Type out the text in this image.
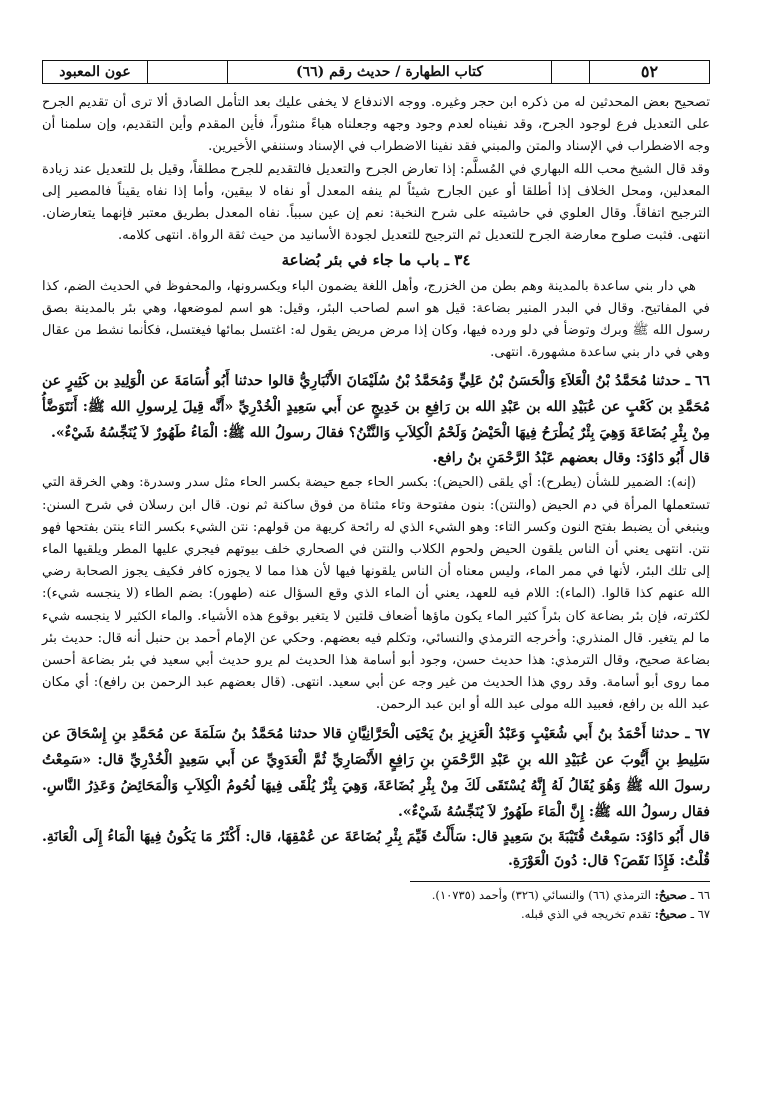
٥٢
كتاب الطهارة / حديث رقم (٦٦)
عون المعبود

تصحيح بعض المحدثين له من ذكره ابن حجر وغيره. ووجه الاندفاع لا يخفى عليك بعد التأمل الصادق ألا ترى أن تقديم الجرح على التعديل فرع لوجود الجرح، وقد نفيناه لعدم وجود وجهه وجعلناه هباءً منثوراً، فأين المقدم وأين التقديم، وإن سلمنا أن وجه الاضطراب في الإسناد والمتن والمبني فقد نفينا الاضطراب في الإسناد وسننفي الأخيرين.

وقد قال الشيخ محب الله البهاري في المُسلَّم: إذا تعارض الجرح والتعديل فالتقديم للجرح مطلقاً، وقيل بل للتعديل عند زيادة المعدلين، ومحل الخلاف إذا أطلقا أو عين الجارح شيئاً لم ينفه المعدل أو نفاه لا بيقين، وأما إذا نفاه يقيناً فالمصير إلى الترجيح اتفاقاً. وقال العلوي في حاشيته على شرح النخبة: نعم إن عين سبباً. نفاه المعدل بطريق معتبر فإنهما يتعارضان. انتهى. فثبت صلوح معارضة الجرح للتعديل ثم الترجيح للتعديل لجودة الأسانيد من حيث ثقة الرواة. انتهى كلامه.

٣٤ ـ باب ما جاء في بئر بُضاعة

هي دار بني ساعدة بالمدينة وهم بطن من الخزرج، وأهل اللغة يضمون الباء ويكسرونها، والمحفوظ في الحديث الضم، كذا في المفاتيح. وقال في البدر المنير بضاعة: قيل هو اسم لصاحب البئر، وقيل: هو اسم لموضعها، وهي بئر بالمدينة بصق رسول الله ﷺ وبرك وتوضأ في دلو ورده فيها، وكان إذا مرض مريض يقول له: اغتسل بمائها فيغتسل، فكأنما نشط من عقال وهي في دار بني ساعدة مشهورة. انتهى.

٦٦ ـ حدثنا مُحَمَّدُ بْنُ الْعَلاَءِ وَالْحَسَنُ بْنُ عَلِيٍّ وَمُحَمَّدُ بْنُ سُلَيْمَانَ الأَنْبَارِيُّ قالوا حدثنا أَبُو أُسَامَةَ عن الْوَلِيدِ بن كَثِيرٍ عن مُحَمَّدِ بن كَعْبٍ عن عُبَيْدِ الله بن عَبْدِ الله بن رَافِعِ بن خَدِيجٍ عن أَبي سَعِيدٍ الْخُدْرِيِّ «أَنَّه قِيلَ لِرسولِ الله ﷺ: أَنَتَوَضَّأُ مِنْ بِئْرِ بُضَاعَةَ وَهِيَ بِئْرٌ يُطْرَحُ فِيهَا الْحَيْضُ وَلَحْمُ الْكِلاَبِ وَالنَّتْنُ؟ فقالَ رسولُ الله ﷺ: الْمَاءُ طَهُورٌ لاَ يُنَجِّسُهُ شَيْءٌ».

قال أَبُو دَاوُدَ: وقال بعضهم عَبْدُ الرَّحْمَنِ بنُ رافع.

(إنه): الضمير للشأن (يطرح): أي يلقى (الحيض): بكسر الحاء جمع حيضة بكسر الحاء مثل سدر وسدرة: وهي الخرقة التي تستعملها المرأة في دم الحيض (والنتن): بنون مفتوحة وتاء مثناة من فوق ساكنة ثم نون. قال ابن رسلان في شرح السنن: وينبغي أن يضبط بفتح النون وكسر التاء: وهو الشيء الذي له رائحة كريهة من قولهم: نتن الشيء بكسر التاء ينتن بفتحها فهو نتن. انتهى يعني أن الناس يلقون الحيض ولحوم الكلاب والنتن في الصحاري خلف بيوتهم فيجري عليها المطر ويلقيها الماء إلى تلك البئر، لأنها في ممر الماء، وليس معناه أن الناس يلقونها فيها لأن هذا مما لا يجوزه كافر فكيف يجوز الصحابة رضي الله عنهم كذا قالوا. (الماء): اللام فيه للعهد، يعني أن الماء الذي وقع السؤال عنه (طهور): بضم الطاء (لا ينجسه شيء): لكثرته، فإن بئر بضاعة كان بئراً كثير الماء يكون ماؤها أضعاف قلتين لا يتغير بوقوع هذه الأشياء. والماء الكثير لا ينجسه شيء ما لم يتغير. قال المنذري: وأخرجه الترمذي والنسائي، وتكلم فيه بعضهم. وحكي عن الإمام أحمد بن حنبل أنه قال: حديث بئر بضاعة صحيح، وقال الترمذي: هذا حديث حسن، وجود أبو أسامة هذا الحديث لم يرو حديث أبي سعيد في بئر بضاعة أحسن مما روى أبو أسامة. وقد روي هذا الحديث من غير وجه عن أبي سعيد. انتهى. (قال بعضهم عبد الرحمن بن رافع): أي مكان عبد الله بن رافع، فعبيد الله مولى عبد الله أو ابن عبد الرحمن.

٦٧ ـ حدثنا أَحْمَدُ بنُ أَبي شُعَيْبٍ وَعَبْدُ الْعَزِيزِ بنُ يَحْيَى الْحَرَّانِيَّانِ قالا حدثنا مُحَمَّدُ بنُ سَلَمَةَ عن مُحَمَّدِ بنِ إِسْحَاقَ عن سَلِيطِ بنِ أَيُّوبَ عن عُبَيْدِ الله بنِ عَبْدِ الرَّحْمَنِ بنِ رَافِعٍ الأَنْصَارِيِّ ثُمَّ الْعَدَوِيِّ عن أَبي سَعِيدٍ الْخُدْرِيِّ قال: «سَمِعْتُ رسولَ الله ﷺ وَهُوَ يُقَالُ لَهُ إِنَّهُ يُسْتَقَى لَكَ مِنْ بِئْرِ بُضَاعَةَ، وَهِيَ بِئْرٌ يُلْقَى فِيهَا لُحُومُ الْكِلاَبِ وَالْمَحَائِضُ وَعَذِرُ النَّاسِ. فقال رسولُ الله ﷺ: إِنَّ الْمَاءَ طَهُورٌ لاَ يُنَجِّسُهُ شَيْءٌ».

قال أَبُو دَاوُدَ: سَمِعْتُ قُتَيْبَةَ بنَ سَعِيدٍ قال: سَأَلْتُ قَيِّمَ بِئْرِ بُضَاعَةَ عن عُمْقِهَا، قال: أَكْثَرُ مَا يَكُونُ فِيهَا الْمَاءُ إِلَى الْعَانَةِ. قُلْتُ: فَإِذَا نَقَصَ؟ قال: دُونَ الْعَوْرَةِ.

٦٦ ـ صحيحٌ: الترمذي (٦٦) والنسائي (٣٢٦) وأحمد (١٠٧٣٥).

٦٧ ـ صحيحٌ: تقدم تخريجه في الذي قبله.
